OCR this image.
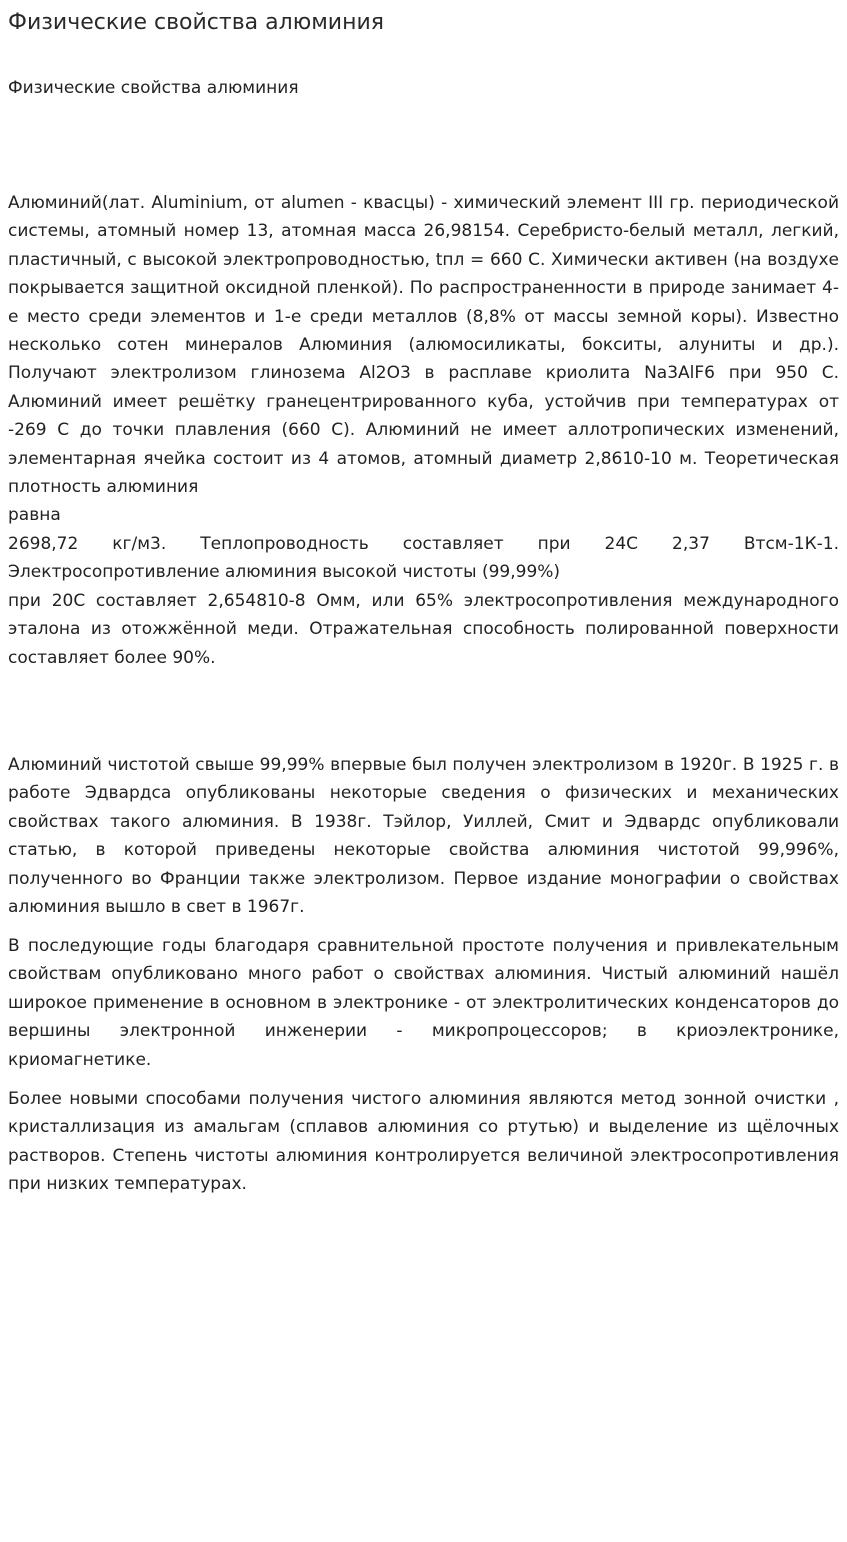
Физические свойства алюминия

Физические свойства алюминия

Алюминий(лат. Aluminium, от alumen - квасцы) - химический элемент III гр. периодической системы, атомный номер 13, атомная масса 26,98154. Серебристо-белый металл, легкий, пластичный, с высокой электропроводностью, tпл = 660 С. Химически активен (на воздухе покрывается защитной оксидной пленкой). По распространенности в природе занимает 4-е место среди элементов и 1-е среди металлов (8,8% от массы земной коры). Известно несколько сотен минералов Алюминия (алюмосиликаты, бокситы, алуниты и др.). Получают электролизом глинозема Al2O3 в расплаве криолита Na3AlF6 при 950 С. Алюминий имеет решётку гранецентрированного куба, устойчив при температурах от -269 С до точки плавления (660 С). Алюминий не имеет аллотропических изменений, элементарная ячейка состоит из 4 атомов, атомный диаметр 2,8610-10 м. Теоретическая плотность алюминия
равна
2698,72 кг/м3. Теплопроводность составляет при 24С 2,37 Втсм-1К-1.
Электросопротивление алюминия высокой чистоты (99,99%)
при 20С составляет 2,654810-8 Омм, или 65% электросопротивления международного эталона из отожжённой меди. Отражательная способность полированной поверхности составляет более 90%.

Алюминий чистотой свыше 99,99% впервые был получен электролизом в 1920г. В 1925 г. в работе Эдвардса опубликованы некоторые сведения о физических и механических свойствах такого алюминия. В 1938г. Тэйлор, Уиллей, Смит и Эдвардс опубликовали статью, в которой приведены некоторые свойства алюминия чистотой 99,996%, полученного во Франции также электролизом. Первое издание монографии о свойствах алюминия вышло в свет в 1967г.

В последующие годы благодаря сравнительной простоте получения и привлекательным свойствам опубликовано много работ о свойствах алюминия. Чистый алюминий нашёл широкое применение в основном в электронике - от электролитических конденсаторов до вершины электронной инженерии - микропроцессоров; в криоэлектронике, криомагнетике.

Более новыми способами получения чистого алюминия являются метод зонной очистки , кристаллизация из амальгам (сплавов алюминия со ртутью) и выделение из щёлочных растворов. Степень чистоты алюминия контролируется величиной электросопротивления при низких температурах.
